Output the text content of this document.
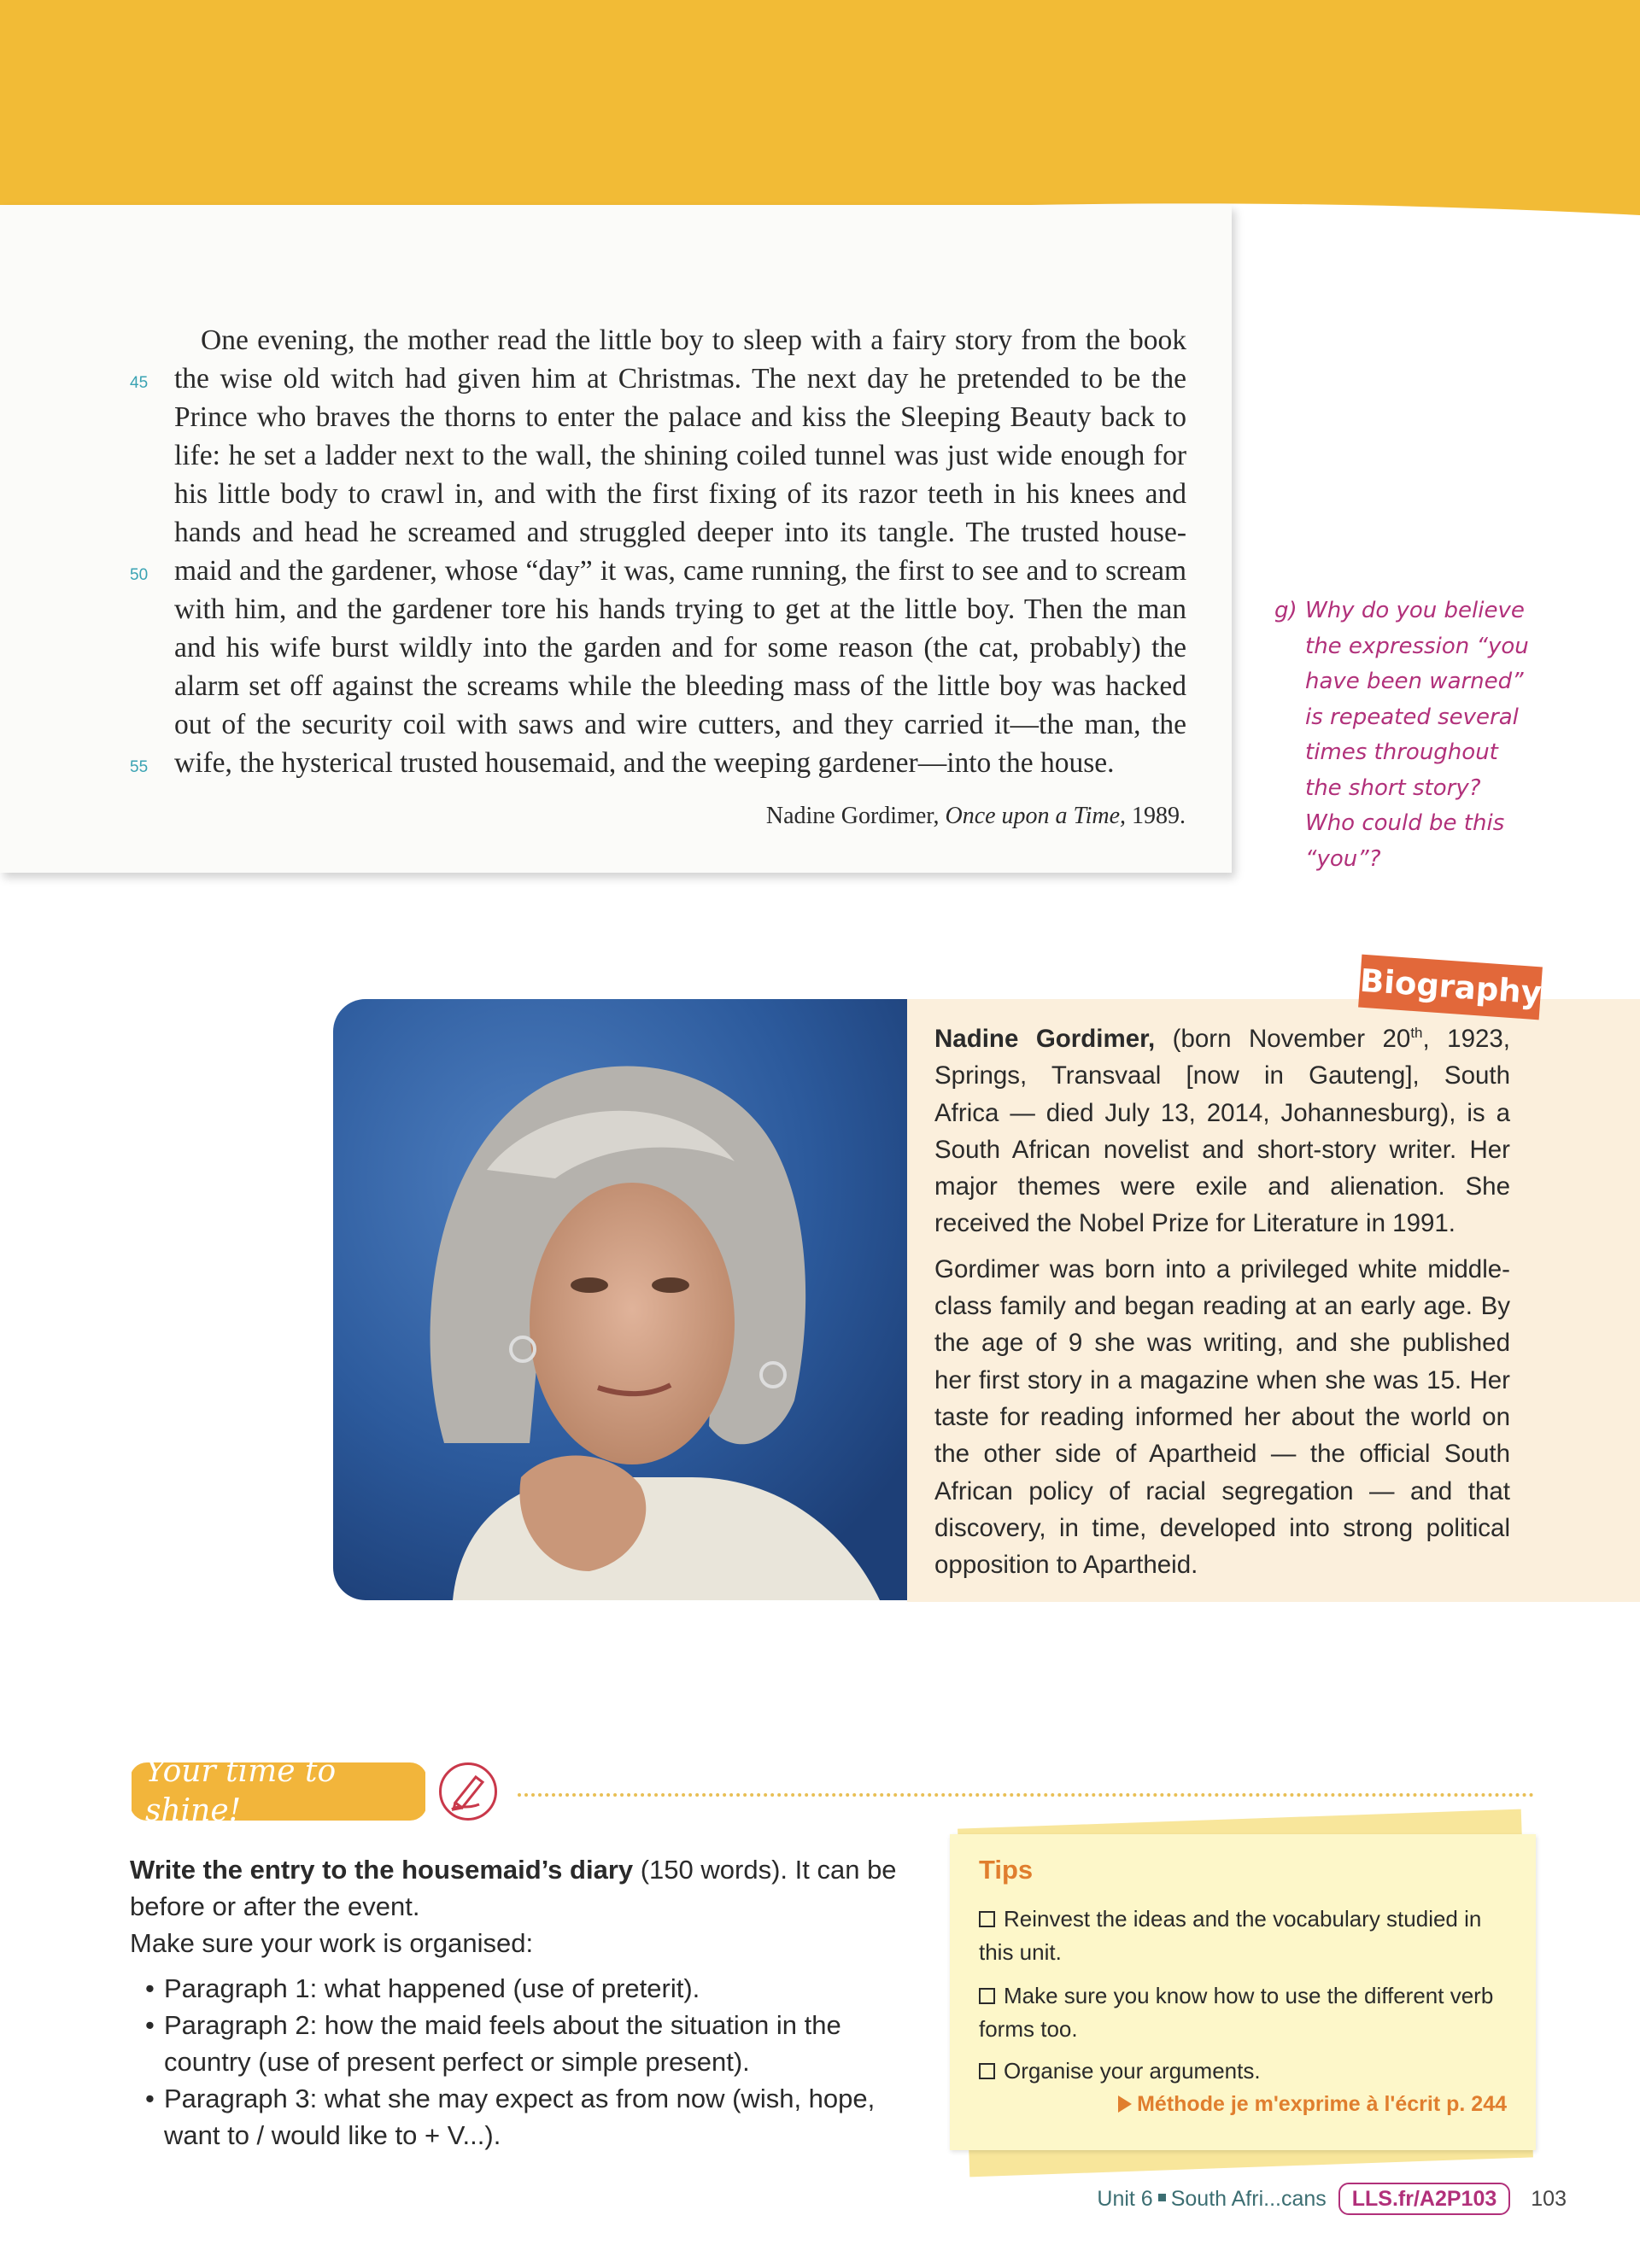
One evening, the mother read the little boy to sleep with a fairy story from the book
the wise old witch had given him at Christmas. The next day he pretended to be the
Prince who braves the thorns to enter the palace and kiss the Sleeping Beauty back to
life: he set a ladder next to the wall, the shining coiled tunnel was just wide enough for
his little body to crawl in, and with the first fixing of its razor teeth in his knees and
hands and head he screamed and struggled deeper into its tangle. The trusted house-
maid and the gardener, whose “day” it was, came running, the first to see and to scream
with him, and the gardener tore his hands trying to get at the little boy. Then the man
and his wife burst wildly into the garden and for some reason (the cat, probably) the
alarm set off against the screams while the bleeding mass of the little boy was hacked
out of the security coil with saws and wire cutters, and they carried it—the man, the
wife, the hysterical trusted housemaid, and the weeping gardener—into the house.
45
50
55
Nadine Gordimer, Once upon a Time, 1989.
g) Why do you believe
the expression “you
have been warned”
is repeated several
times throughout
the short story?
Who could be this
“you”?
Biography

Nadine Gordimer, (born November 20th, 1923,
Springs, Transvaal [now in Gauteng], South
Africa — died July 13, 2014, Johannesburg), is a
South African novelist and short-story writer. Her
major themes were exile and alienation. She
received the Nobel Prize for Literature in 1991.

Gordimer was born into a privileged white middle-
class family and began reading at an early age. By
the age of 9 she was writing, and she published
her first story in a magazine when she was 15. Her
taste for reading informed her about the world on
the other side of Apartheid — the official South
African policy of racial segregation — and that
discovery, in time, developed into strong political
opposition to Apartheid.

Your time to shine!
Write the entry to the housemaid’s diary (150 words). It can be
before or after the event.
Make sure your work is organised:
• Paragraph 1: what happened (use of preterit).
• Paragraph 2: how the maid feels about the situation in the country (use of present perfect or simple present).
• Paragraph 3: what she may expect as from now (wish, hope, want to / would like to + V...).
Tips
Reinvest the ideas and the vocabulary studied in this unit.
Make sure you know how to use the different verb forms too.
Organise your arguments.
Méthode je m'exprime à l'écrit p. 244
Unit 6 South Afri...cans	LLS.fr/A2P103	103
